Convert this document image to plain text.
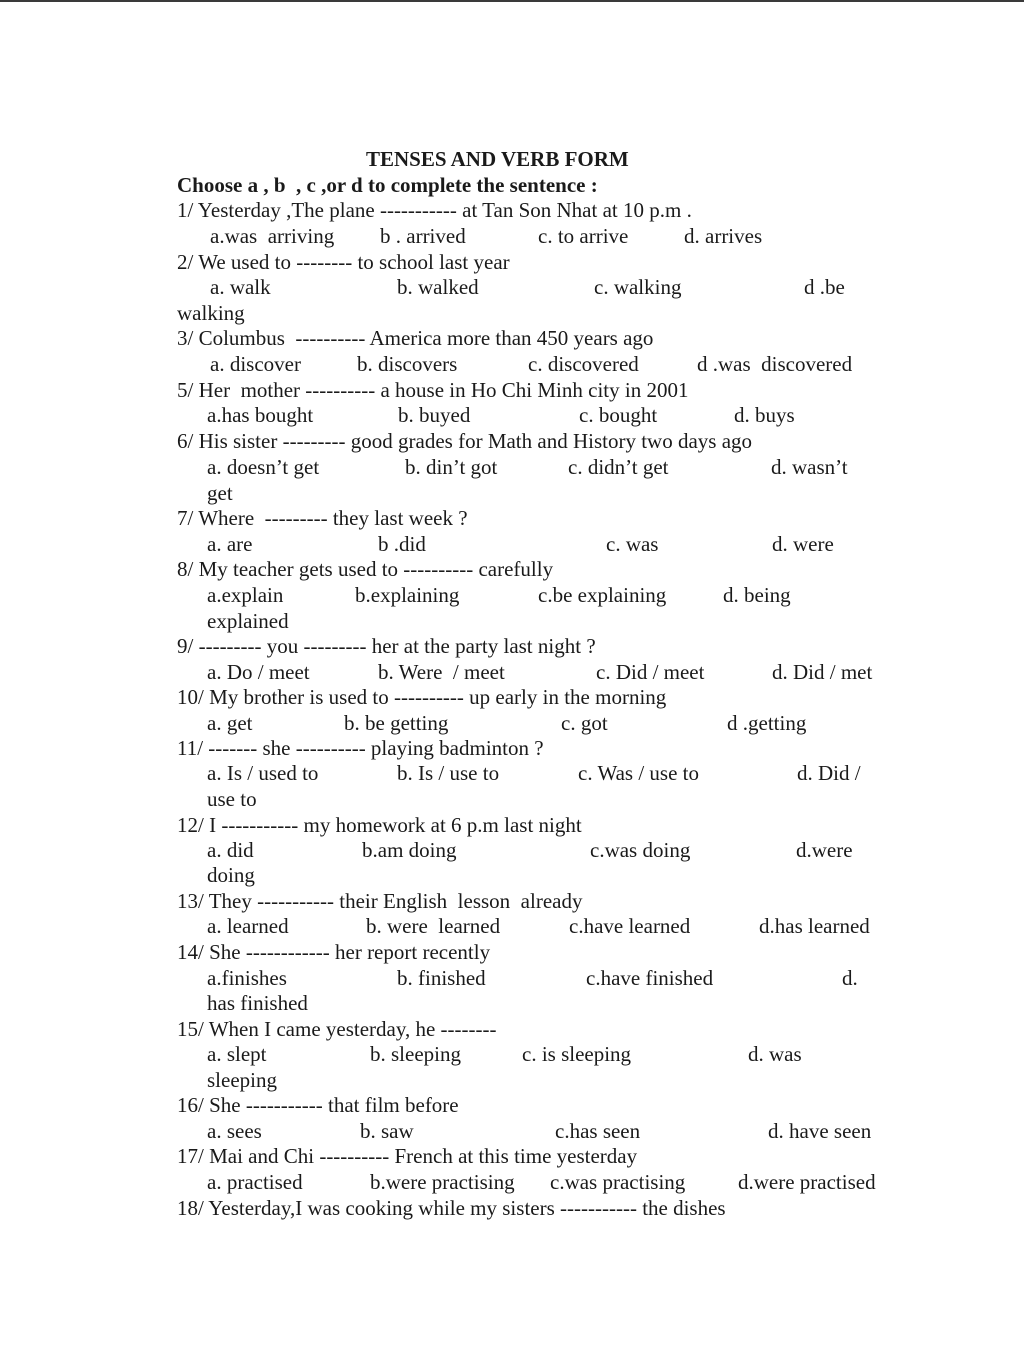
TENSES AND VERB FORM
Choose a , b  , c ,or d to complete the sentence :
1/ Yesterday ,The plane ----------- at Tan Son Nhat at 10 p.m .
a.was  arriving b . arrived	c. to arrive	d. arrives
2/ We used to -------- to school last year
a. walk	b. walked	c. walking	d .be
walking
3/ Columbus  ---------- America more than 450 years ago
a. discover	b. discovers	c. discovered	d .was  discovered
5/ Her  mother ---------- a house in Ho Chi Minh city in 2001
a.has bought	b. buyed	c. bought	d. buys
6/ His sister --------- good grades for Math and History two days ago
a. doesn’t get	b. din’t got	c. didn’t get	d. wasn’t
get
7/ Where  --------- they last week ?
a. are	b .did	c. was	d. were
8/ My teacher gets used to ---------- carefully
a.explain	b.explaining	c.be explaining	d. being
explained
9/ --------- you --------- her at the party last night ?
a. Do / meet	b. Were  / meet	c. Did / meet	d. Did / met
10/ My brother is used to ---------- up early in the morning
a. get	b. be getting	c. got	d .getting
11/ ------- she ---------- playing badminton ?
a. Is / used to	b. Is / use to	c. Was / use to	d. Did /
use to
12/ I ----------- my homework at 6 p.m last night
a. did	b.am doing	c.was doing	d.were
doing
13/ They ----------- their English  lesson  already
a. learned	b. were  learned	c.have learned	d.has learned
14/ She ------------ her report recently
a.finishes	b. finished	c.have finished	d.
has finished
15/ When I came yesterday, he --------
a. slept	b. sleeping	c. is sleeping	d. was
sleeping
16/ She ----------- that film before
a. sees	b. saw	c.has seen	d. have seen
17/ Mai and Chi ---------- French at this time yesterday
a. practised	b.were practising c.was practising	d.were practised
18/ Yesterday,I was cooking while my sisters ----------- the dishes
